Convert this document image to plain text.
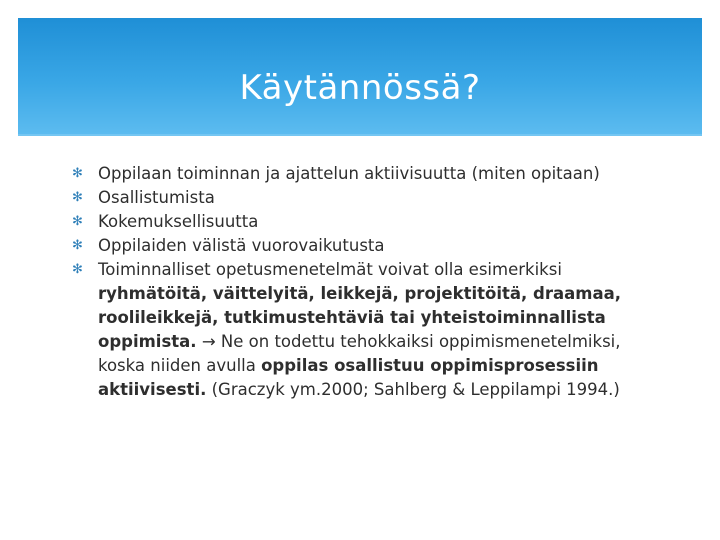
Käytännössä?
✻ Oppilaan toiminnan ja ajattelun aktiivisuutta (miten opitaan)
✻ Osallistumista
✻ Kokemuksellisuutta
✻ Oppilaiden välistä vuorovaikutusta
✻ Toiminnalliset opetusmenetelmät voivat olla esimerkiksi ryhmätöitä, väittelyitä, leikkejä, projektitöitä, draamaa, roolileikkejä, tutkimustehtäviä tai yhteistoiminnallista oppimista. → Ne on todettu tehokkaiksi oppimismenetelmiksi, koska niiden avulla oppilas osallistuu oppimisprosessiin aktiivisesti. (Graczyk ym.2000; Sahlberg & Leppilampi 1994.)
